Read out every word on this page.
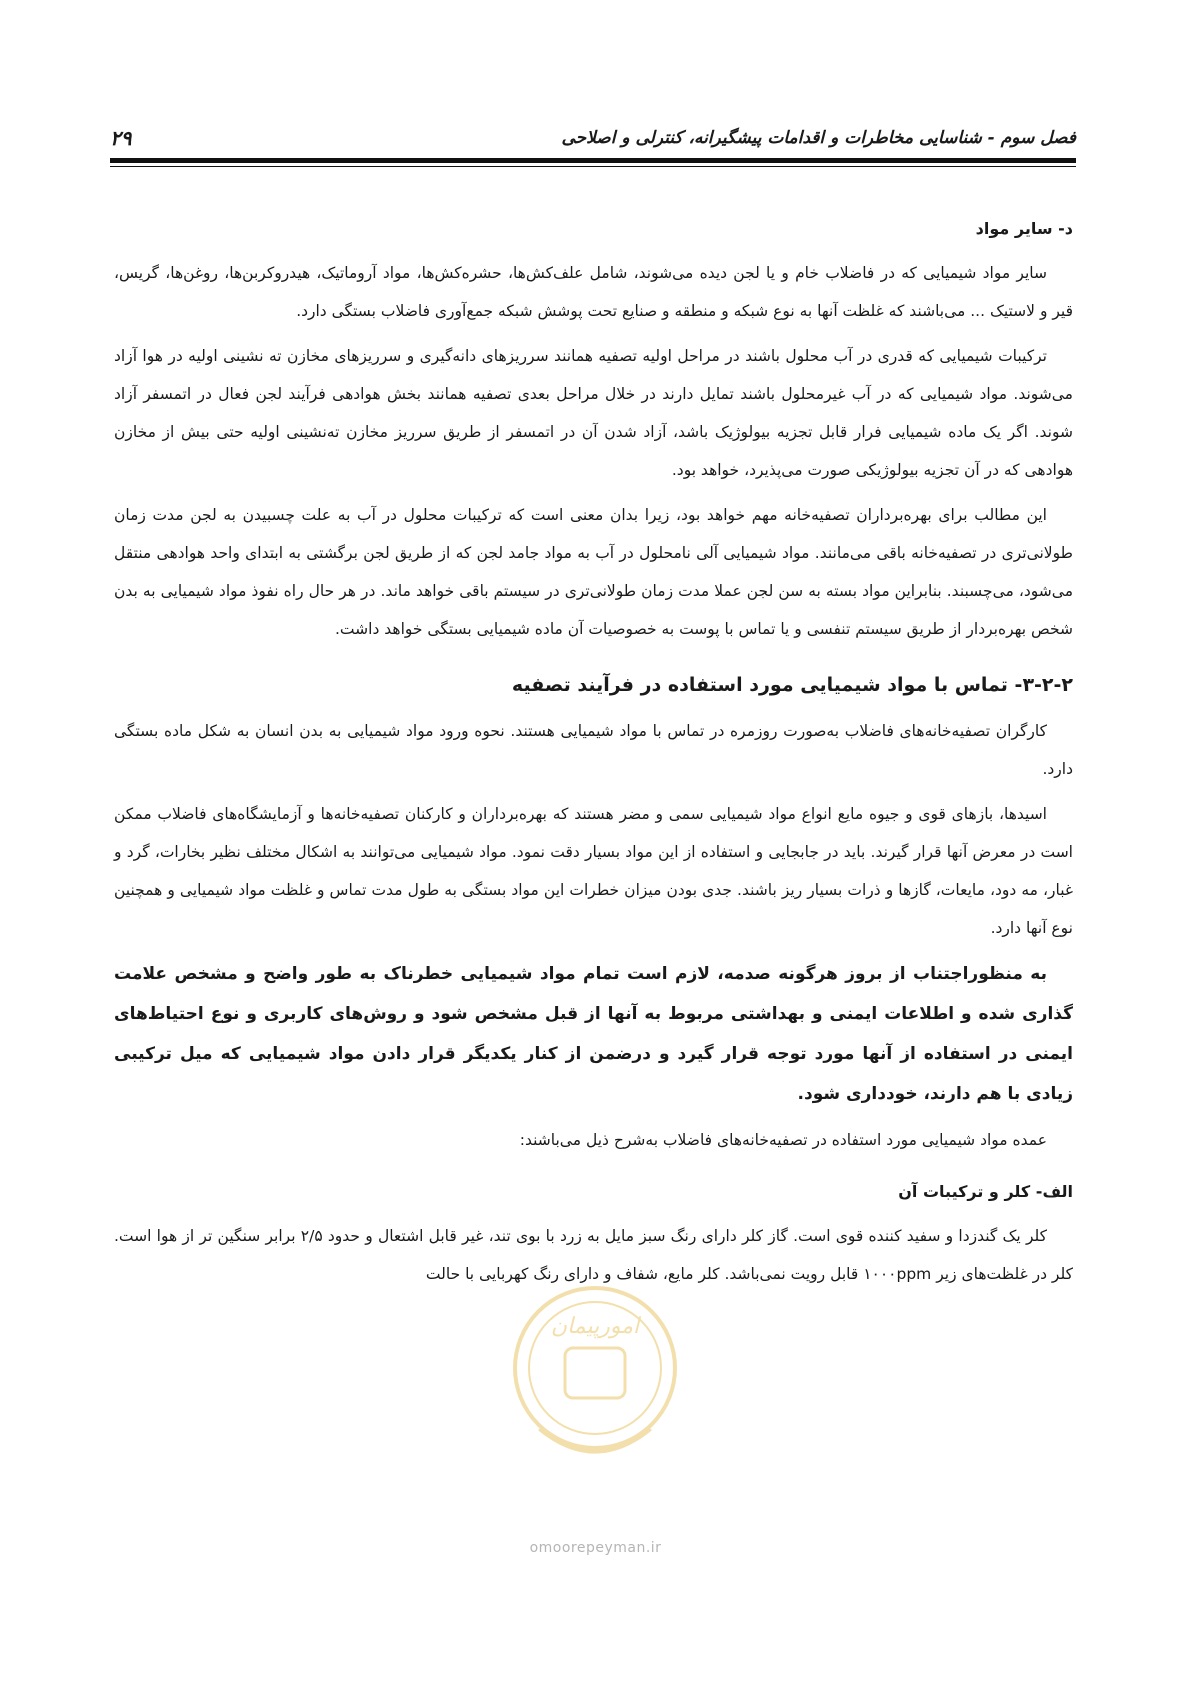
فصل سوم - شناسایی مخاطرات و اقدامات پیشگیرانه، کنترلی و اصلاحی
۲۹
د- سایر مواد

سایر مواد شیمیایی که در فاضلاب خام و یا لجن دیده می‌شوند، شامل علف‌کش‌ها، حشره‌کش‌ها، مواد آروماتیک، هیدروکربن‌ها، روغن‌ها، گریس، قیر و لاستیک ... می‌باشند که غلظت آنها به نوع شبکه و منطقه و صنایع تحت پوشش شبکه جمع‌آوری فاضلاب بستگی دارد.

ترکیبات شیمیایی که قدری در آب محلول باشند در مراحل اولیه تصفیه همانند سرریزهای دانه‌گیری و سرریزهای مخازن ته نشینی اولیه در هوا آزاد می‌شوند. مواد شیمیایی که در آب غیرمحلول باشند تمایل دارند در خلال مراحل بعدی تصفیه همانند بخش هوادهی فرآیند لجن فعال در اتمسفر آزاد شوند. اگر یک ماده شیمیایی فرار قابل تجزیه بیولوژیک باشد، آزاد شدن آن در اتمسفر از طریق سرریز مخازن ته‌نشینی اولیه حتی بیش از مخازن هوادهی که در آن تجزیه بیولوژیکی صورت می‌پذیرد، خواهد بود.

این مطالب برای بهره‌برداران تصفیه‌خانه مهم خواهد بود، زیرا بدان معنی است که ترکیبات محلول در آب به علت چسبیدن به لجن مدت زمان طولانی‌تری در تصفیه‌خانه باقی می‌مانند. مواد شیمیایی آلی نامحلول در آب به مواد جامد لجن که از طریق لجن برگشتی به ابتدای واحد هوادهی منتقل می‌شود، می‌چسبند. بنابراین مواد بسته به سن لجن عملا مدت زمان طولانی‌تری در سیستم باقی خواهد ماند. در هر حال راه نفوذ مواد شیمیایی به بدن شخص بهره‌بردار از طریق سیستم تنفسی و یا تماس با پوست به خصوصیات آن ماده شیمیایی بستگی خواهد داشت.

۳-۲-۲- تماس با مواد شیمیایی مورد استفاده در فرآیند تصفیه

کارگران تصفیه‌خانه‌های فاضلاب به‌صورت روزمره در تماس با مواد شیمیایی هستند. نحوه ورود مواد شیمیایی به بدن انسان به شکل ماده بستگی دارد.

اسیدها، بازهای قوی و جیوه مایع انواع مواد شیمیایی سمی و مضر هستند که بهره‌برداران و کارکنان تصفیه‌خانه‌ها و آزمایشگاه‌های فاضلاب ممکن است در معرض آنها قرار گیرند. باید در جابجایی و استفاده از این مواد بسیار دقت نمود. مواد شیمیایی می‌توانند به اشکال مختلف نظیر بخارات، گرد و غبار، مه دود، مایعات، گازها و ذرات بسیار ریز باشند. جدی بودن میزان خطرات این مواد بستگی به طول مدت تماس و غلظت مواد شیمیایی و همچنین نوع آنها دارد.

به منظوراجتناب از بروز هرگونه صدمه، لازم است تمام مواد شیمیایی خطرناک به طور واضح و مشخص علامت گذاری شده و اطلاعات ایمنی و بهداشتی مربوط به آنها از قبل مشخص شود و روش‌های کاربری و نوع احتیاط‌های ایمنی در استفاده از آنها مورد توجه قرار گیرد و درضمن از کنار یکدیگر قرار دادن مواد شیمیایی که میل ترکیبی زیادی با هم دارند، خودداری شود.

عمده مواد شیمیایی مورد استفاده در تصفیه‌خانه‌های فاضلاب به‌شرح ذیل می‌باشند:

الف- کلر و ترکیبات آن

کلر یک گندزدا و سفید کننده قوی است. گاز کلر دارای رنگ سبز مایل به زرد با بوی تند، غیر قابل اشتعال و حدود ۲/۵ برابر سنگین تر از هوا است. کلر در غلظت‌های زیر ۱۰۰۰ppm قابل رویت نمی‌باشد. کلر مایع، شفاف و دارای رنگ کهربایی با حالت

امورپیمان
omoorepeyman.ir
